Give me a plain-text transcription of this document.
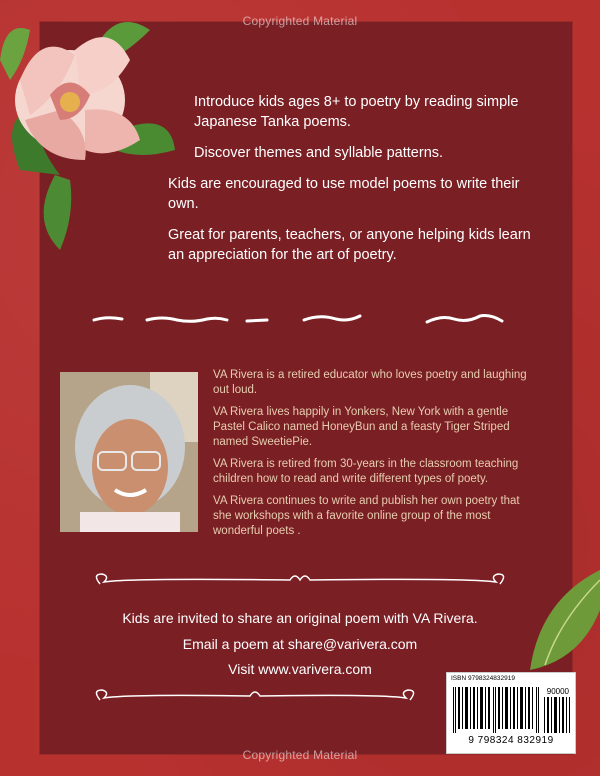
Copyrighted Material

Introduce kids ages 8+ to poetry by reading simple Japanese Tanka poems.

Discover themes and syllable patterns.

Kids are encouraged to use model poems to write their own.

Great for parents, teachers, or anyone helping kids learn an appreciation for the art of poetry.

VA Rivera is a retired educator who loves poetry and laughing out loud.

VA Rivera lives happily in Yonkers, New York with a gentle Pastel Calico named HoneyBun and a feasty Tiger Striped named SweetiePie.

VA Rivera is retired from 30-years in the classroom teaching children how to read and write different types of poety.

VA Rivera continues to write and publish her own poetry that she workshops with a favorite online group of the most wonderful poets .

Kids are invited to share an original poem with VA Rivera.
Email a poem at share@varivera.com
Visit www.varivera.com
ISBN 9798324832919
90000
9 798324 832919
Copyrighted Material
